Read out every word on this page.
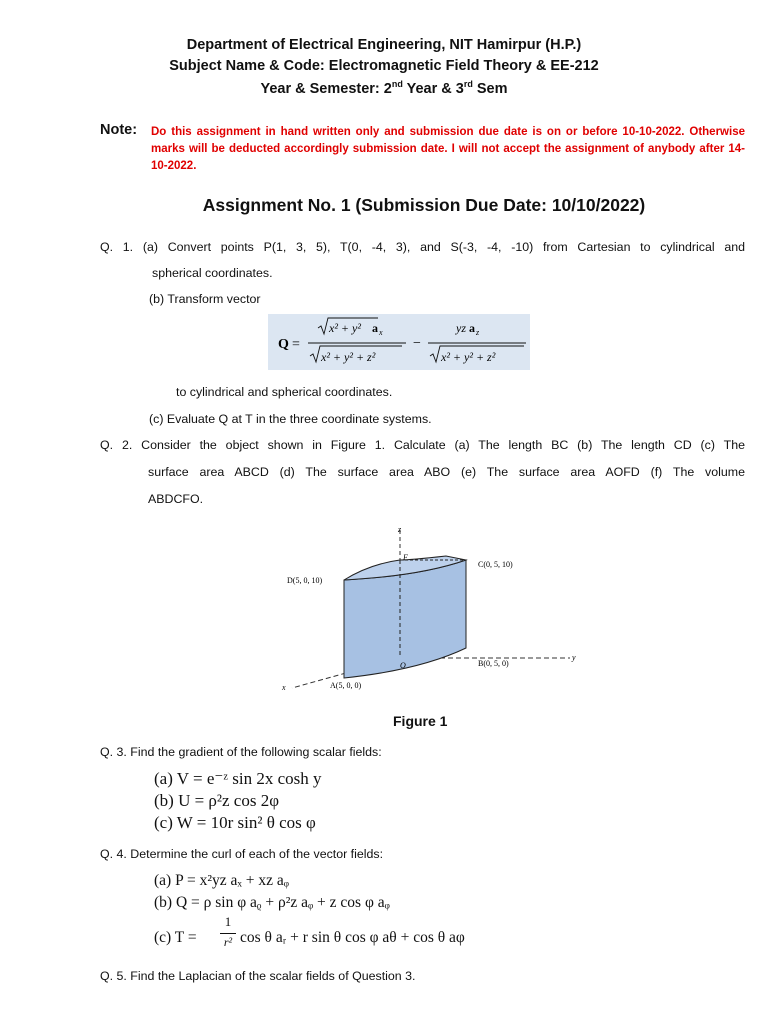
Department of Electrical Engineering, NIT Hamirpur (H.P.)
Subject Name & Code: Electromagnetic Field Theory & EE-212
Year & Semester: 2nd Year & 3rd Sem
Note: Do this assignment in hand written only and submission due date is on or before 10-10-2022. Otherwise marks will be deducted accordingly submission date. I will not accept the assignment of anybody after 14-10-2022.
Assignment No. 1 (Submission Due Date: 10/10/2022)
Q. 1. (a) Convert points P(1, 3, 5), T(0, -4, 3), and S(-3, -4, -10) from Cartesian to cylindrical and
spherical coordinates.
(b) Transform vector
Q =
x² + y² a x
x² + y² + z²
−
yz a z
x² + y² + z²
to cylindrical and spherical coordinates.
(c) Evaluate Q at T in the three coordinate systems.
Q. 2. Consider the object shown in Figure 1. Calculate (a) The length BC (b) The length CD (c) The
surface area ABCD (d) The surface area ABO (e) The surface area AOFD (f) The volume
ABDCFO.
z
y
x
F
O
C(0, 5, 10)
D(5, 0, 10)
B(0, 5, 0)
A(5, 0, 0)
Figure 1
Q. 3. Find the gradient of the following scalar fields:
(a) V = e⁻ᶻ sin 2x cosh y
(b) U = ρ²z cos 2φ
(c) W = 10r sin² θ cos φ
Q. 4. Determine the curl of each of the vector fields:
(a) P = x²yz aₓ + xz aᵩ
(b) Q = ρ sin φ aᵨ + ρ²z aᵩ + z cos φ aᵩ
(c) T =
1
r² cos θ aᵣ + r sin θ cos φ aθ + cos θ aφ
Q. 5. Find the Laplacian of the scalar fields of Question 3.
